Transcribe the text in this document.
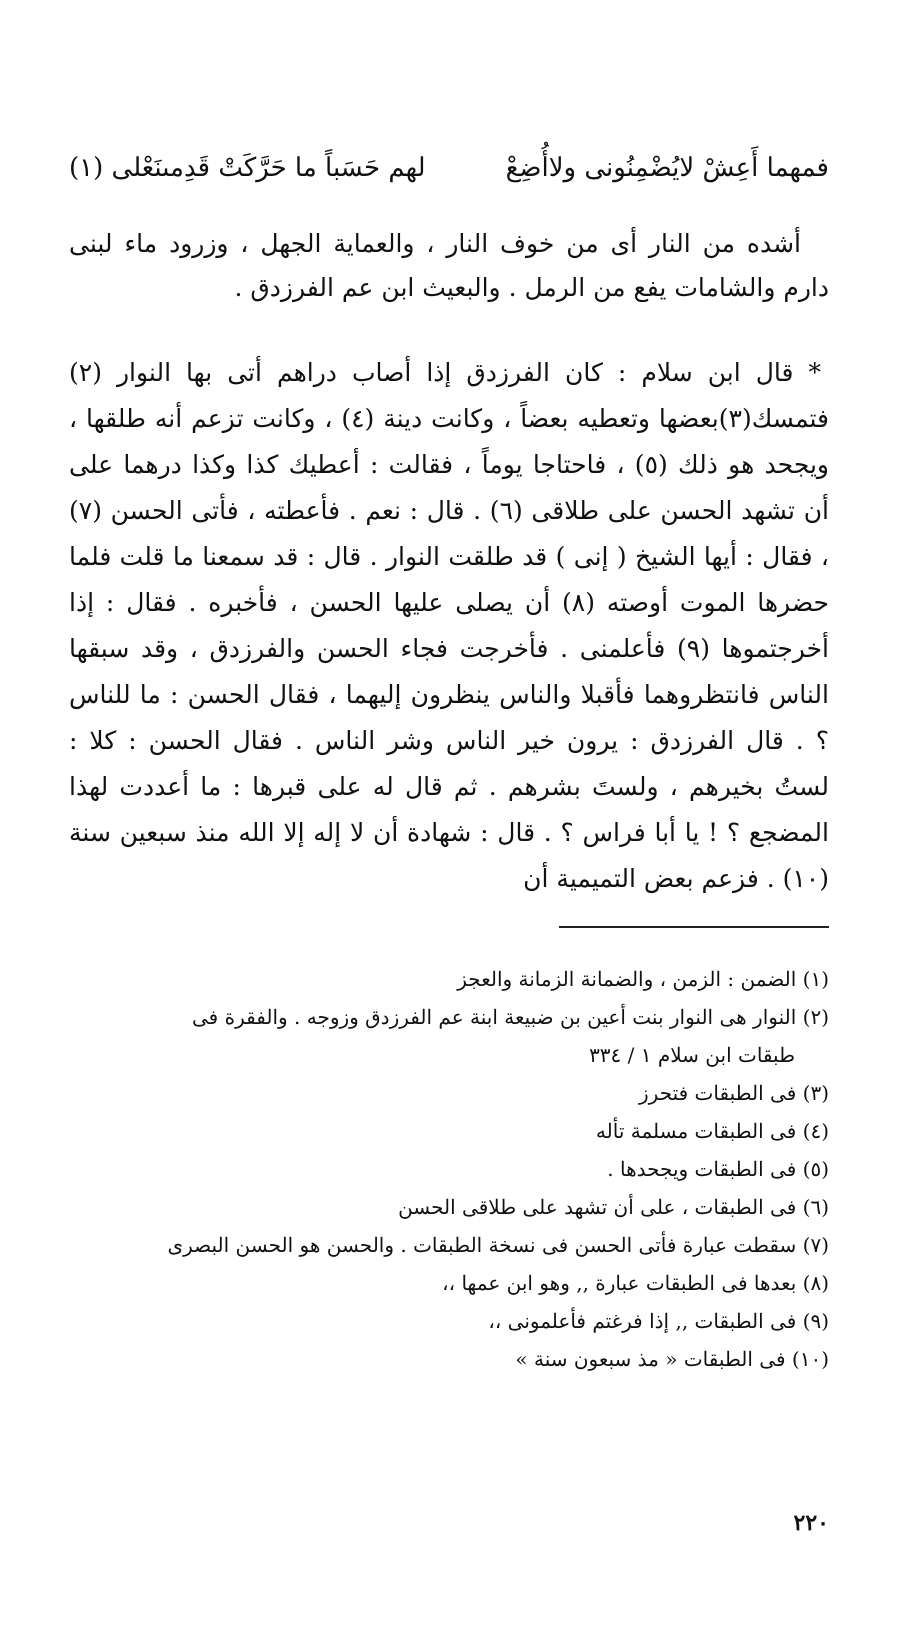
فمهما أَعِشْ لايُضْمِنُونى ولاأُضِعْ
لهم حَسَباً ما حَرَّكَتْ قَدِمىنَعْلى (١)

أشده من النار أى من خوف النار ، والعماية الجهل ، وزرود ماء لبنى دارم والشامات يفع من الرمل . والبعيث ابن عم الفرزدق .

* قال ابن سلام : كان الفرزدق إذا أصاب دراهم أتى بها النوار (٢) فتمسك(٣)بعضها وتعطيه بعضاً ، وكانت دينة (٤) ، وكانت تزعم أنه طلقها ، ويجحد هو ذلك (٥) ، فاحتاجا يوماً ، فقالت : أعطيك كذا وكذا درهما على أن تشهد الحسن على طلاقى (٦) . قال : نعم . فأعطته ، فأتى الحسن (٧) ، فقال : أيها الشيخ ( إنى ) قد طلقت النوار . قال : قد سمعنا ما قلت فلما حضرها الموت أوصته (٨) أن يصلى عليها الحسن ، فأخبره . فقال : إذا أخرجتموها (٩) فأعلمنى . فأخرجت فجاء الحسن والفرزدق ، وقد سبقها الناس فانتظروهما فأقبلا والناس ينظرون إليهما ، فقال الحسن : ما للناس ؟ . قال الفرزدق : يرون خير الناس وشر الناس . فقال الحسن : كلا : لستُ بخيرهم ، ولستَ بشرهم . ثم قال له على قبرها : ما أعددت لهذا المضجع ؟ ! يا أبا فراس ؟ . قال : شهادة أن لا إله إلا الله منذ سبعين سنة (١٠) . فزعم بعض التميمية أن

(١) الضمن : الزمن ، والضمانة الزمانة والعجز
(٢) النوار هى النوار بنت أعين بن ضبيعة ابنة عم الفرزدق وزوجه . والفقرة فى
طبقات ابن سلام ١ / ٣٣٤
(٣) فى الطبقات فتحرز
(٤) فى الطبقات مسلمة تأله
(٥) فى الطبقات ويجحدها .
(٦) فى الطبقات ، على أن تشهد على طلاقى الحسن
(٧) سقطت عبارة فأتى الحسن فى نسخة الطبقات . والحسن هو الحسن البصرى
(٨) بعدها فى الطبقات عبارة ,, وهو ابن عمها ،،
(٩) فى الطبقات ,, إذا فرغتم فأعلمونى ،،
(١٠) فى الطبقات « مذ سبعون سنة »
٢٢٠
